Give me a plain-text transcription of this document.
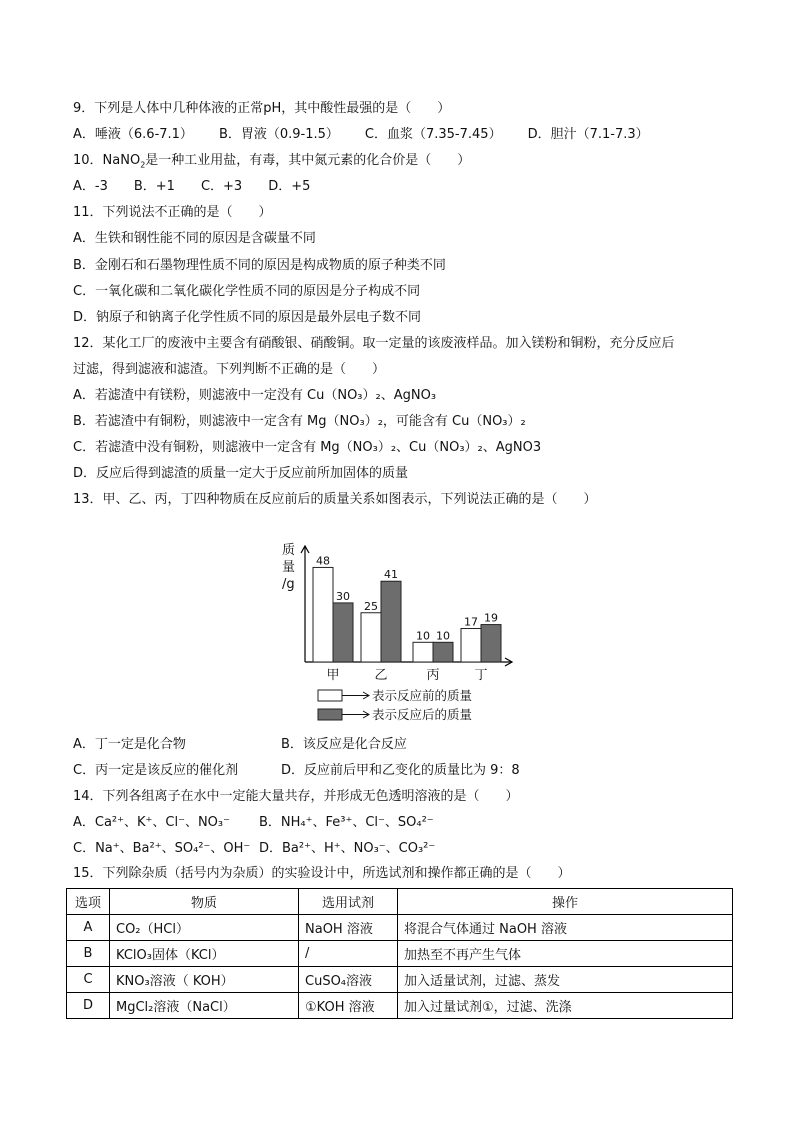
9．下列是人体中几种体液的正常pH，其中酸性最强的是（　　）
A．唾液（6.6-7.1） B．胃液（0.9-1.5） C．血浆（7.35-7.45） D．胆汁（7.1-7.3）
10．NaNO$_2$是一种工业用盐，有毒，其中氮元素的化合价是（　　）
A．-3 B．+1 C．+3 D．+5
11．下列说法不正确的是（　　）
A．生铁和钢性能不同的原因是含碳量不同
B．金刚石和石墨物理性质不同的原因是构成物质的原子种类不同
C．一氧化碳和二氧化碳化学性质不同的原因是分子构成不同
D．钠原子和钠离子化学性质不同的原因是最外层电子数不同
12．某化工厂的废液中主要含有硝酸银、硝酸铜。取一定量的该废液样品。加入镁粉和铜粉，充分反应后
过滤，得到滤液和滤渣。下列判断不正确的是（　　）
A．若滤渣中有镁粉，则滤液中一定没有 Cu（NO₃）₂、AgNO₃
B．若滤渣中有铜粉，则滤液中一定含有 Mg（NO₃）₂，可能含有 Cu（NO₃）₂
C．若滤渣中没有铜粉，则滤液中一定含有 Mg（NO₃）₂、Cu（NO₃）₂、AgNO3
D．反应后得到滤渣的质量一定大于反应前所加固体的质量
13．甲、乙、丙，丁四种物质在反应前后的质量关系如图表示，下列说法正确的是（　　）
质
量
/g
48
30
甲
25
41
乙
10 10
丙
17 19
丁
表示反应前的质量
表示反应后的质量
A．丁一定是化合物	B．该反应是化合反应
C．丙一定是该反应的催化剂	D．反应前后甲和乙变化的质量比为 9：8
14．下列各组离子在水中一定能大量共存，并形成无色透明溶液的是（　　）
A．Ca²⁺、K⁺、Cl⁻、NO₃⁻ B．NH₄⁺、Fe³⁺、Cl⁻、SO₄²⁻
C．Na⁺、Ba²⁺、SO₄²⁻、OH⁻ D．Ba²⁺、H⁺、NO₃⁻、CO₃²⁻
15．下列除杂质（括号内为杂质）的实验设计中，所选试剂和操作都正确的是（　　）
选项	物质	选用试剂	操作
A	CO₂（HCl）	NaOH 溶液	将混合气体通过 NaOH 溶液
B	KClO₃固体（KCl）	/	加热至不再产生气体
C	KNO₃溶液（ KOH）	CuSO₄溶液	加入适量试剂，过滤、蒸发
D	MgCl₂溶液（NaCl）	①KOH 溶液	加入过量试剂①，过滤、洗涤
